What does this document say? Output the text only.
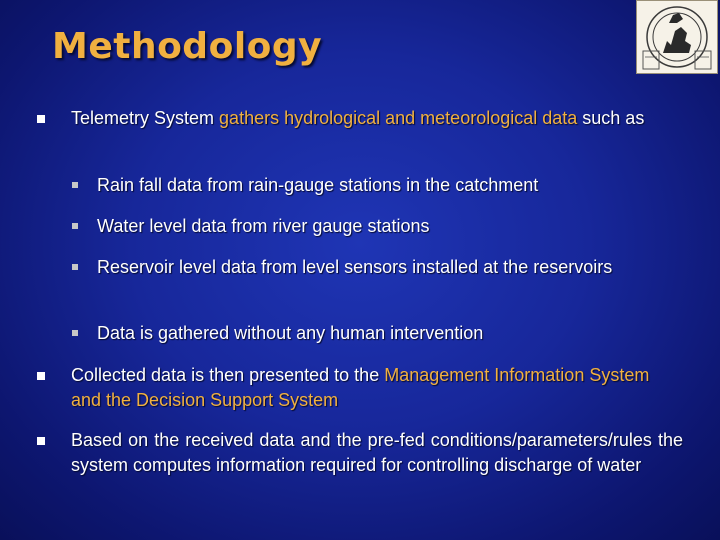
Methodology
Telemetry System gathers hydrological and meteorological data such as
Rain fall data from rain-gauge stations in the catchment
Water level data from river gauge stations
Reservoir level data from level sensors installed at the reservoirs
Data is gathered without any human intervention
Collected data is then presented to the Management Information System and the Decision Support System
Based on the received data and the pre-fed conditions/parameters/rules the system computes information required for controlling discharge of water
